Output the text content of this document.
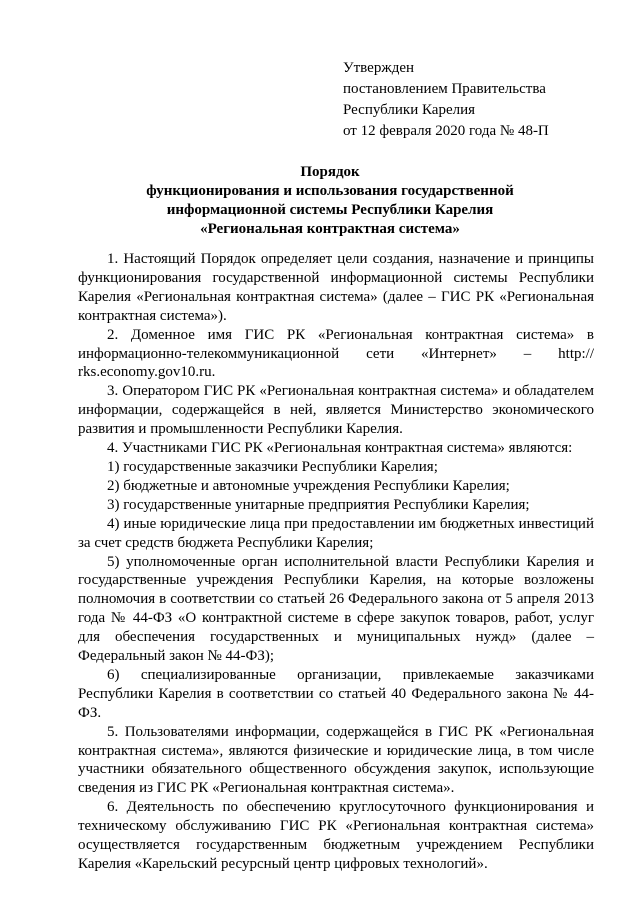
Утвержден
постановлением Правительства
Республики Карелия
от 12 февраля 2020 года № 48-П
Порядок
функционирования и использования государственной
информационной системы Республики Карелия
«Региональная контрактная система»

1. Настоящий Порядок определяет цели создания, назначение и принципы функционирования государственной информационной системы Республики Карелия «Региональная контрактная система» (далее – ГИС РК «Региональная контрактная система»).

2. Доменное имя ГИС РК «Региональная контрактная система» в информационно-телекоммуникационной сети «Интернет» – http:// rks.economy.gov10.ru.

3. Оператором ГИС РК «Региональная контрактная система» и обладателем информации, содержащейся в ней, является Министерство экономического развития и промышленности Республики Карелия.

4. Участниками ГИС РК «Региональная контрактная система» являются:

1) государственные заказчики Республики Карелия;

2) бюджетные и автономные учреждения Республики Карелия;

3) государственные унитарные предприятия Республики Карелия;

4) иные юридические лица при предоставлении им бюджетных инвестиций за счет средств бюджета Республики Карелия;

5) уполномоченные орган исполнительной власти Республики Карелия и государственные учреждения Республики Карелия, на которые возложены полномочия в соответствии со статьей 26 Федерального закона от 5 апреля 2013 года № 44-ФЗ «О контрактной системе в сфере закупок товаров, работ, услуг для обеспечения государственных и муниципальных нужд» (далее – Федеральный закон № 44-ФЗ);

6) специализированные организации, привлекаемые заказчиками Республики Карелия в соответствии со статьей 40 Федерального закона № 44-ФЗ.

5. Пользователями информации, содержащейся в ГИС РК «Региональная контрактная система», являются физические и юридические лица, в том числе участники обязательного общественного обсуждения закупок, использующие сведения из ГИС РК «Региональная контрактная система».

6. Деятельность по обеспечению круглосуточного функционирования и техническому обслуживанию ГИС РК «Региональная контрактная система» осуществляется государственным бюджетным учреждением Республики Карелия «Карельский ресурсный центр цифровых технологий».
